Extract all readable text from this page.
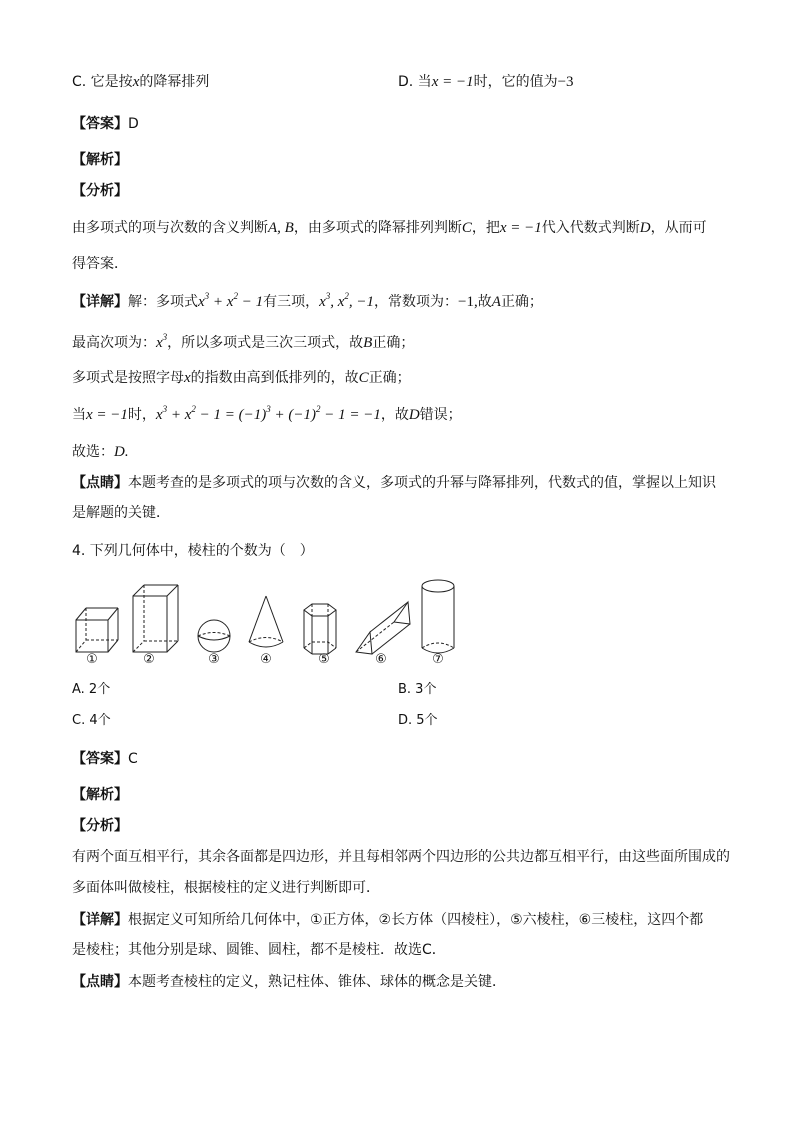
C. 它是按x的降幂排列	D. 当x = −1时，它的值为−3
【答案】D
【解析】
【分析】
由多项式的项与次数的含义判断A, B，由多项式的降幂排列判断C，把x = −1代入代数式判断D，从而可
得答案．
【详解】解：多项式$x^3 + x^2 - 1$有三项，$x^3$, $x^2$, −1，常数项为：−1,故A正确；
最高次项为：$x^3$，所以多项式是三次三项式，故B正确；
多项式是按照字母x的指数由高到低排列的，故C正确；
当x = −1时，$x^3 + x^2 - 1 = (-1)^3 + (-1)^2 - 1 = -1$，故D错误；
故选：D.
【点睛】本题考查的是多项式的项与次数的含义，多项式的升幂与降幂排列，代数式的值，掌握以上知识
是解题的关键．
4. 下列几何体中，棱柱的个数为（　）
①	②	③	④	⑤	⑥	⑦
A. 2个	B. 3个
C. 4个	D. 5个
【答案】C
【解析】
【分析】
有两个面互相平行，其余各面都是四边形，并且每相邻两个四边形的公共边都互相平行，由这些面所围成的
多面体叫做棱柱，根据棱柱的定义进行判断即可．
【详解】根据定义可知所给几何体中，①正方体，②长方体（四棱柱），⑤六棱柱，⑥三棱柱，这四个都
是棱柱；其他分别是球、圆锥、圆柱，都不是棱柱．故选C．
【点睛】本题考查棱柱的定义，熟记柱体、锥体、球体的概念是关键．
